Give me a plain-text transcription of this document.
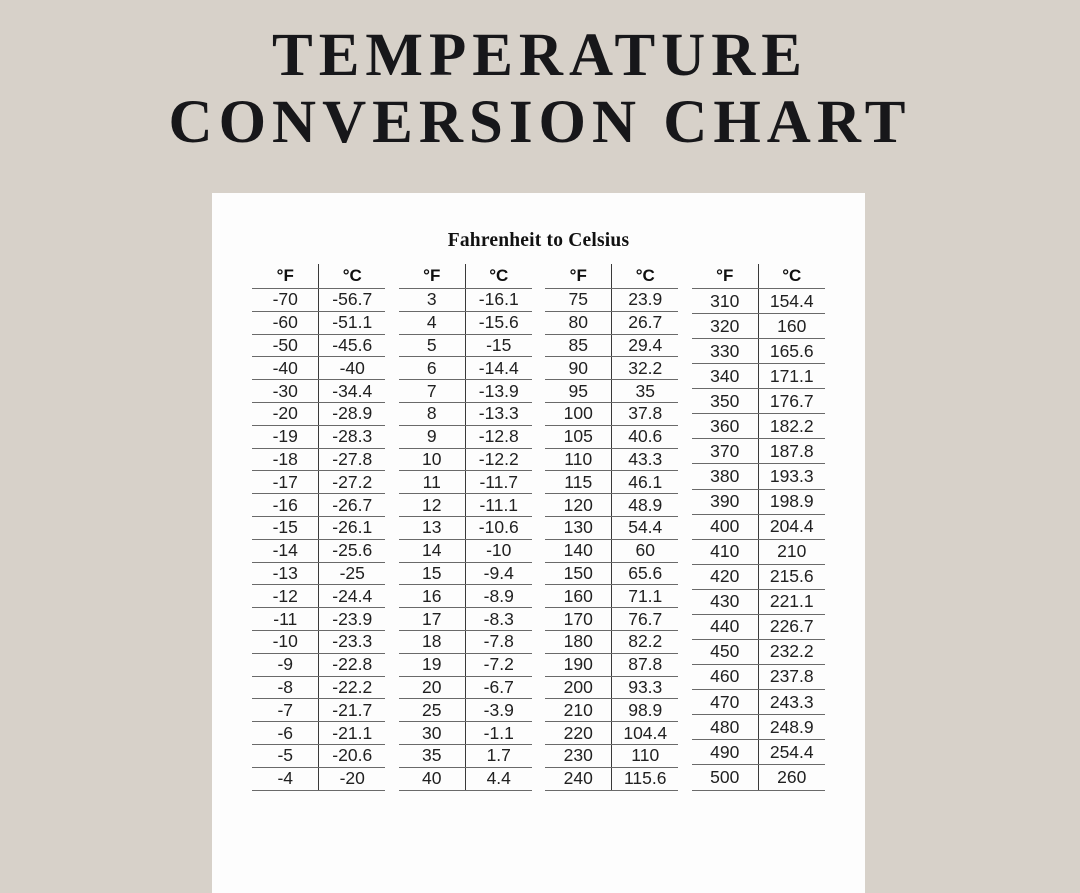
TEMPERATURE
CONVERSION CHART
Fahrenheit to Celsius
°F	°C
-70	-56.7
-60	-51.1
-50	-45.6
-40	-40
-30	-34.4
-20	-28.9
-19	-28.3
-18	-27.8
-17	-27.2
-16	-26.7
-15	-26.1
-14	-25.6
-13	-25
-12	-24.4
-11	-23.9
-10	-23.3
-9	-22.8
-8	-22.2
-7	-21.7
-6	-21.1
-5	-20.6
-4	-20
°F	°C
3	-16.1
4	-15.6
5	-15
6	-14.4
7	-13.9
8	-13.3
9	-12.8
10	-12.2
11	-11.7
12	-11.1
13	-10.6
14	-10
15	-9.4
16	-8.9
17	-8.3
18	-7.8
19	-7.2
20	-6.7
25	-3.9
30	-1.1
35	1.7
40	4.4
°F	°C
75	23.9
80	26.7
85	29.4
90	32.2
95	35
100	37.8
105	40.6
110	43.3
115	46.1
120	48.9
130	54.4
140	60
150	65.6
160	71.1
170	76.7
180	82.2
190	87.8
200	93.3
210	98.9
220	104.4
230	110
240	115.6
°F	°C
310	154.4
320	160
330	165.6
340	171.1
350	176.7
360	182.2
370	187.8
380	193.3
390	198.9
400	204.4
410	210
420	215.6
430	221.1
440	226.7
450	232.2
460	237.8
470	243.3
480	248.9
490	254.4
500	260
